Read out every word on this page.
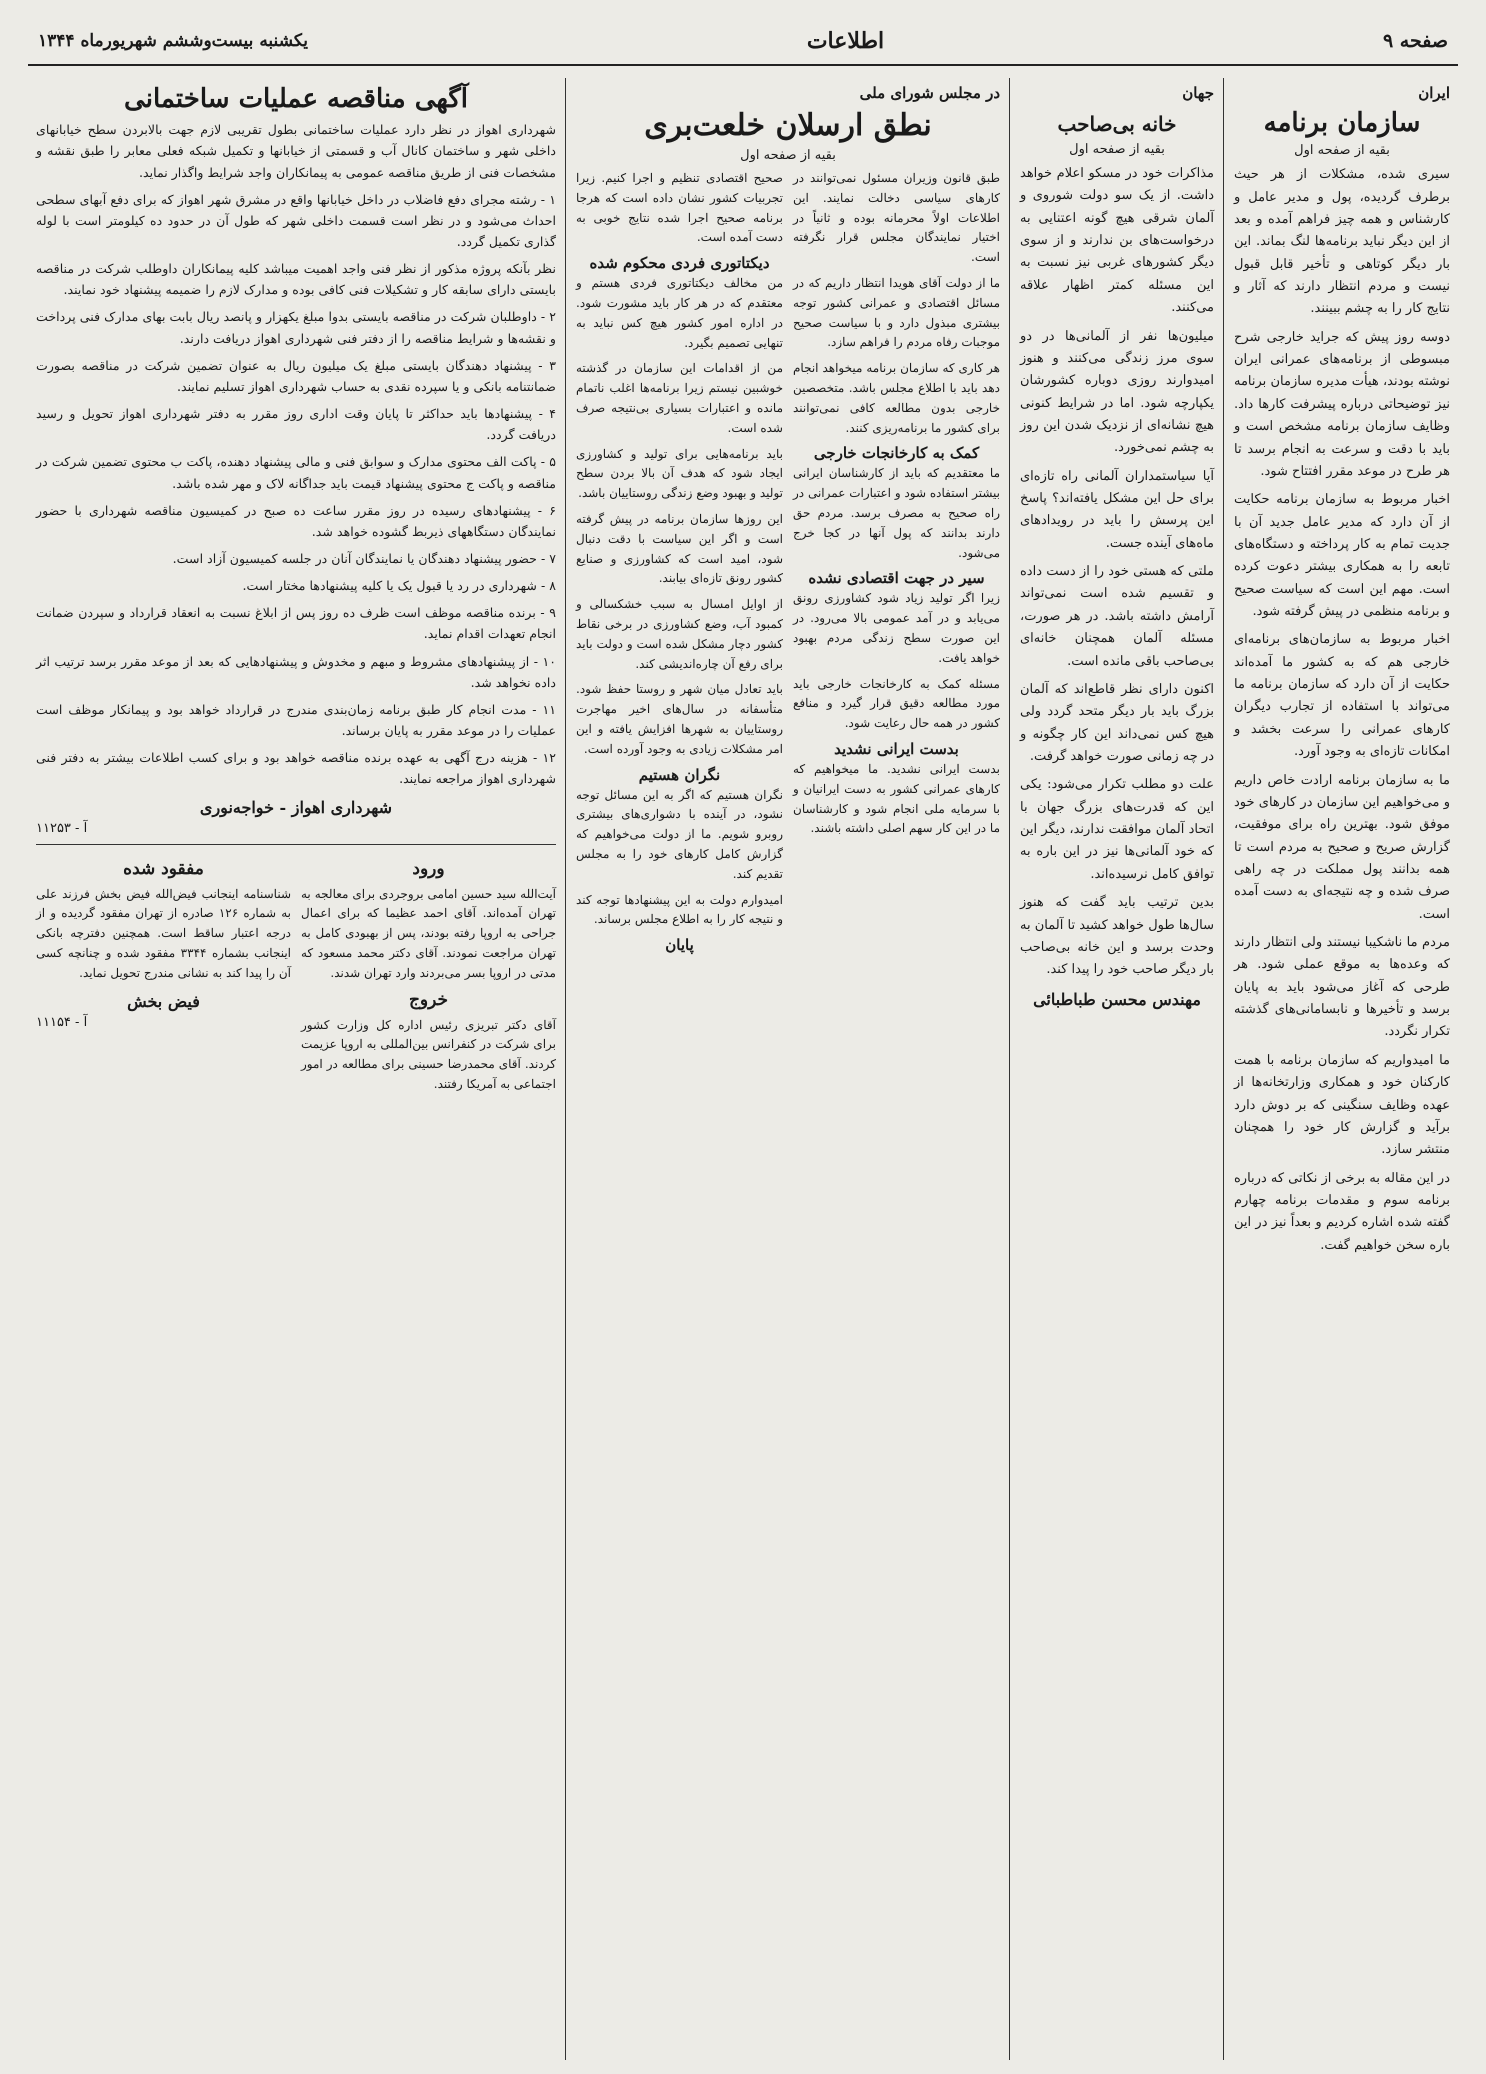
صفحه ۹
اطلاعات
یکشنبه بیست‌وششم شهریورماه ۱۳۴۴
ایران
سازمان برنامه
بقیه از صفحه اول

سیری شده، مشکلات از هر حیث برطرف گردیده، پول و مدیر عامل و کارشناس و همه چیز فراهم آمده و بعد از این دیگر نباید برنامه‌ها لنگ بماند. این بار دیگر کوتاهی و تأخیر قابل قبول نیست و مردم انتظار دارند که آثار و نتایج کار را به چشم ببینند.

دوسه روز پیش که جراید خارجی شرح مبسوطی از برنامه‌های عمرانی ایران نوشته بودند، هیأت مدیره سازمان برنامه نیز توضیحاتی درباره پیشرفت کارها داد. وظایف سازمان برنامه مشخص است و باید با دقت و سرعت به انجام برسد تا هر طرح در موعد مقرر افتتاح شود.

اخبار مربوط به سازمان برنامه حکایت از آن دارد که مدیر عامل جدید آن با جدیت تمام به کار پرداخته و دستگاه‌های تابعه را به همکاری بیشتر دعوت کرده است. مهم این است که سیاست صحیح و برنامه منظمی در پیش گرفته شود.

اخبار مربوط به سازمان‌های برنامه‌ای خارجی هم که به کشور ما آمده‌اند حکایت از آن دارد که سازمان برنامه ما می‌تواند با استفاده از تجارب دیگران کارهای عمرانی را سرعت بخشد و امکانات تازه‌ای به وجود آورد.

ما به سازمان برنامه ارادت خاص داریم و می‌خواهیم این سازمان در کارهای خود موفق شود. بهترین راه برای موفقیت، گزارش صریح و صحیح به مردم است تا همه بدانند پول مملکت در چه راهی صرف شده و چه نتیجه‌ای به دست آمده است.

مردم ما ناشکیبا نیستند ولی انتظار دارند که وعده‌ها به موقع عملی شود. هر طرحی که آغاز می‌شود باید به پایان برسد و تأخیرها و نابسامانی‌های گذشته تکرار نگردد.

ما امیدواریم که سازمان برنامه با همت کارکنان خود و همکاری وزارتخانه‌ها از عهده وظایف سنگینی که بر دوش دارد برآید و گزارش کار خود را همچنان منتشر سازد.

در این مقاله به برخی از نکاتی که درباره برنامه سوم و مقدمات برنامه چهارم گفته شده اشاره کردیم و بعداً نیز در این باره سخن خواهیم گفت.

جهان
خانه بی‌صاحب
بقیه از صفحه اول

مذاکرات خود در مسکو اعلام خواهد داشت. از یک سو دولت شوروی و آلمان شرقی هیچ گونه اعتنایی به درخواست‌های بن ندارند و از سوی دیگر کشورهای غربی نیز نسبت به این مسئله کمتر اظهار علاقه می‌کنند.

میلیون‌ها نفر از آلمانی‌ها در دو سوی مرز زندگی می‌کنند و هنوز امیدوارند روزی دوباره کشورشان یکپارچه شود. اما در شرایط کنونی هیچ نشانه‌ای از نزدیک شدن این روز به چشم نمی‌خورد.

آیا سیاستمداران آلمانی راه تازه‌ای برای حل این مشکل یافته‌اند؟ پاسخ این پرسش را باید در رویدادهای ماه‌های آینده جست.

ملتی که هستی خود را از دست داده و تقسیم شده است نمی‌تواند آرامش داشته باشد. در هر صورت، مسئله آلمان همچنان خانه‌ای بی‌صاحب باقی مانده است.

اکنون دارای نظر قاطع‌اند که آلمان بزرگ باید بار دیگر متحد گردد ولی هیچ کس نمی‌داند این کار چگونه و در چه زمانی صورت خواهد گرفت.

علت دو مطلب تکرار می‌شود: یکی این که قدرت‌های بزرگ جهان با اتحاد آلمان موافقت ندارند، دیگر این که خود آلمانی‌ها نیز در این باره به توافق کامل نرسیده‌اند.

بدین ترتیب باید گفت که هنوز سال‌ها طول خواهد کشید تا آلمان به وحدت برسد و این خانه بی‌صاحب بار دیگر صاحب خود را پیدا کند.

مهندس محسن طباطبائی
در مجلس شورای ملی
نطق ارسلان خلعت‌بری
بقیه از صفحه اول

طبق قانون وزیران مسئول نمی‌توانند در کارهای سیاسی دخالت نمایند. این اطلاعات اولاً محرمانه بوده و ثانیاً در اختیار نمایندگان مجلس قرار نگرفته است.

ما از دولت آقای هویدا انتظار داریم که در مسائل اقتصادی و عمرانی کشور توجه بیشتری مبذول دارد و با سیاست صحیح موجبات رفاه مردم را فراهم سازد.

هر کاری که سازمان برنامه میخواهد انجام دهد باید با اطلاع مجلس باشد. متخصصین خارجی بدون مطالعه کافی نمی‌توانند برای کشور ما برنامه‌ریزی کنند.

کمک به کارخانجات خارجی

ما معتقدیم که باید از کارشناسان ایرانی بیشتر استفاده شود و اعتبارات عمرانی در راه صحیح به مصرف برسد. مردم حق دارند بدانند که پول آنها در کجا خرج می‌شود.

سیر در جهت اقتصادی نشده

زیرا اگر تولید زیاد شود کشاورزی رونق می‌یابد و در آمد عمومی بالا می‌رود. در این صورت سطح زندگی مردم بهبود خواهد یافت.

مسئله کمک به کارخانجات خارجی باید مورد مطالعه دقیق قرار گیرد و منافع کشور در همه حال رعایت شود.

بدست ایرانی نشدید

بدست ایرانی نشدید. ما میخواهیم که کارهای عمرانی کشور به دست ایرانیان و با سرمایه ملی انجام شود و کارشناسان ما در این کار سهم اصلی داشته باشند.

صحیح اقتصادی تنظیم و اجرا کنیم. زیرا تجربیات کشور نشان داده است که هرجا برنامه صحیح اجرا شده نتایج خوبی به دست آمده است.

دیکتاتوری فردی محکوم شده

من مخالف دیکتاتوری فردی هستم و معتقدم که در هر کار باید مشورت شود. در اداره امور کشور هیچ کس نباید به تنهایی تصمیم بگیرد.

من از اقدامات این سازمان در گذشته خوشبین نیستم زیرا برنامه‌ها اغلب ناتمام مانده و اعتبارات بسیاری بی‌نتیجه صرف شده است.

باید برنامه‌هایی برای تولید و کشاورزی ایجاد شود که هدف آن بالا بردن سطح تولید و بهبود وضع زندگی روستاییان باشد.

این روزها سازمان برنامه در پیش گرفته است و اگر این سیاست با دقت دنبال شود، امید است که کشاورزی و صنایع کشور رونق تازه‌ای بیابند.

از اوایل امسال به سبب خشکسالی و کمبود آب، وضع کشاورزی در برخی نقاط کشور دچار مشکل شده است و دولت باید برای رفع آن چاره‌اندیشی کند.

باید تعادل میان شهر و روستا حفظ شود. متأسفانه در سال‌های اخیر مهاجرت روستاییان به شهرها افزایش یافته و این امر مشکلات زیادی به وجود آورده است.

نگران هستیم

نگران هستیم که اگر به این مسائل توجه نشود، در آینده با دشواری‌های بیشتری روبرو شویم. ما از دولت می‌خواهیم که گزارش کامل کارهای خود را به مجلس تقدیم کند.

امیدوارم دولت به این پیشنهادها توجه کند و نتیجه کار را به اطلاع مجلس برساند.

پایان
آگهی مناقصه عملیات ساختمانی

شهرداری اهواز در نظر دارد عملیات ساختمانی بطول تقریبی لازم جهت بالابردن سطح خیابانهای داخلی شهر و ساختمان کانال آب و قسمتی از خیابانها و تکمیل شبکه فعلی معابر را طبق نقشه و مشخصات فنی از طریق مناقصه عمومی به پیمانکاران واجد شرایط واگذار نماید.

۱ - رشته مجرای دفع فاضلاب در داخل خیابانها واقع در مشرق شهر اهواز که برای دفع آبهای سطحی احداث می‌شود و در نظر است قسمت داخلی شهر که طول آن در حدود ده کیلومتر است با لوله گذاری تکمیل گردد.

نظر بآنکه پروژه مذکور از نظر فنی واجد اهمیت میباشد کلیه پیمانکاران داوطلب شرکت در مناقصه بایستی دارای سابقه کار و تشکیلات فنی کافی بوده و مدارک لازم را ضمیمه پیشنهاد خود نمایند.

۲ - داوطلبان شرکت در مناقصه بایستی بدوا مبلغ یکهزار و پانصد ریال بابت بهای مدارک فنی پرداخت و نقشه‌ها و شرایط مناقصه را از دفتر فنی شهرداری اهواز دریافت دارند.

۳ - پیشنهاد دهندگان بایستی مبلغ یک میلیون ریال به عنوان تضمین شرکت در مناقصه بصورت ضمانتنامه بانکی و یا سپرده نقدی به حساب شهرداری اهواز تسلیم نمایند.

۴ - پیشنهادها باید حداکثر تا پایان وقت اداری روز مقرر به دفتر شهرداری اهواز تحویل و رسید دریافت گردد.

۵ - پاکت الف محتوی مدارک و سوابق فنی و مالی پیشنهاد دهنده، پاکت ب محتوی تضمین شرکت در مناقصه و پاکت ج محتوی پیشنهاد قیمت باید جداگانه لاک و مهر شده باشد.

۶ - پیشنهادهای رسیده در روز مقرر ساعت ده صبح در کمیسیون مناقصه شهرداری با حضور نمایندگان دستگاههای ذیربط گشوده خواهد شد.

۷ - حضور پیشنهاد دهندگان یا نمایندگان آنان در جلسه کمیسیون آزاد است.

۸ - شهرداری در رد یا قبول یک یا کلیه پیشنهادها مختار است.

۹ - برنده مناقصه موظف است ظرف ده روز پس از ابلاغ نسبت به انعقاد قرارداد و سپردن ضمانت انجام تعهدات اقدام نماید.

۱۰ - از پیشنهادهای مشروط و مبهم و مخدوش و پیشنهادهایی که بعد از موعد مقرر برسد ترتیب اثر داده نخواهد شد.

۱۱ - مدت انجام کار طبق برنامه زمان‌بندی مندرج در قرارداد خواهد بود و پیمانکار موظف است عملیات را در موعد مقرر به پایان برساند.

۱۲ - هزینه درج آگهی به عهده برنده مناقصه خواهد بود و برای کسب اطلاعات بیشتر به دفتر فنی شهرداری اهواز مراجعه نمایند.

شهرداری اهواز - خواجه‌نوری
آ - ۱۱۲۵۳
ورود

آیت‌الله سید حسین امامی بروجردی برای معالجه به تهران آمده‌اند. آقای احمد عظیما که برای اعمال جراحی به اروپا رفته بودند، پس از بهبودی کامل به تهران مراجعت نمودند. آقای دکتر محمد مسعود که مدتی در اروپا بسر می‌بردند وارد تهران شدند.

خروج

آقای دکتر تبریزی رئیس اداره کل وزارت کشور برای شرکت در کنفرانس بین‌المللی به اروپا عزیمت کردند. آقای محمدرضا حسینی برای مطالعه در امور اجتماعی به آمریکا رفتند.

مفقود شده

شناسنامه اینجانب فیض‌الله فیض بخش فرزند علی به شماره ۱۲۶ صادره از تهران مفقود گردیده و از درجه اعتبار ساقط است. همچنین دفترچه بانکی اینجانب بشماره ۳۳۴۴ مفقود شده و چنانچه کسی آن را پیدا کند به نشانی مندرج تحویل نماید.

فیض بخش
آ - ۱۱۱۵۴
